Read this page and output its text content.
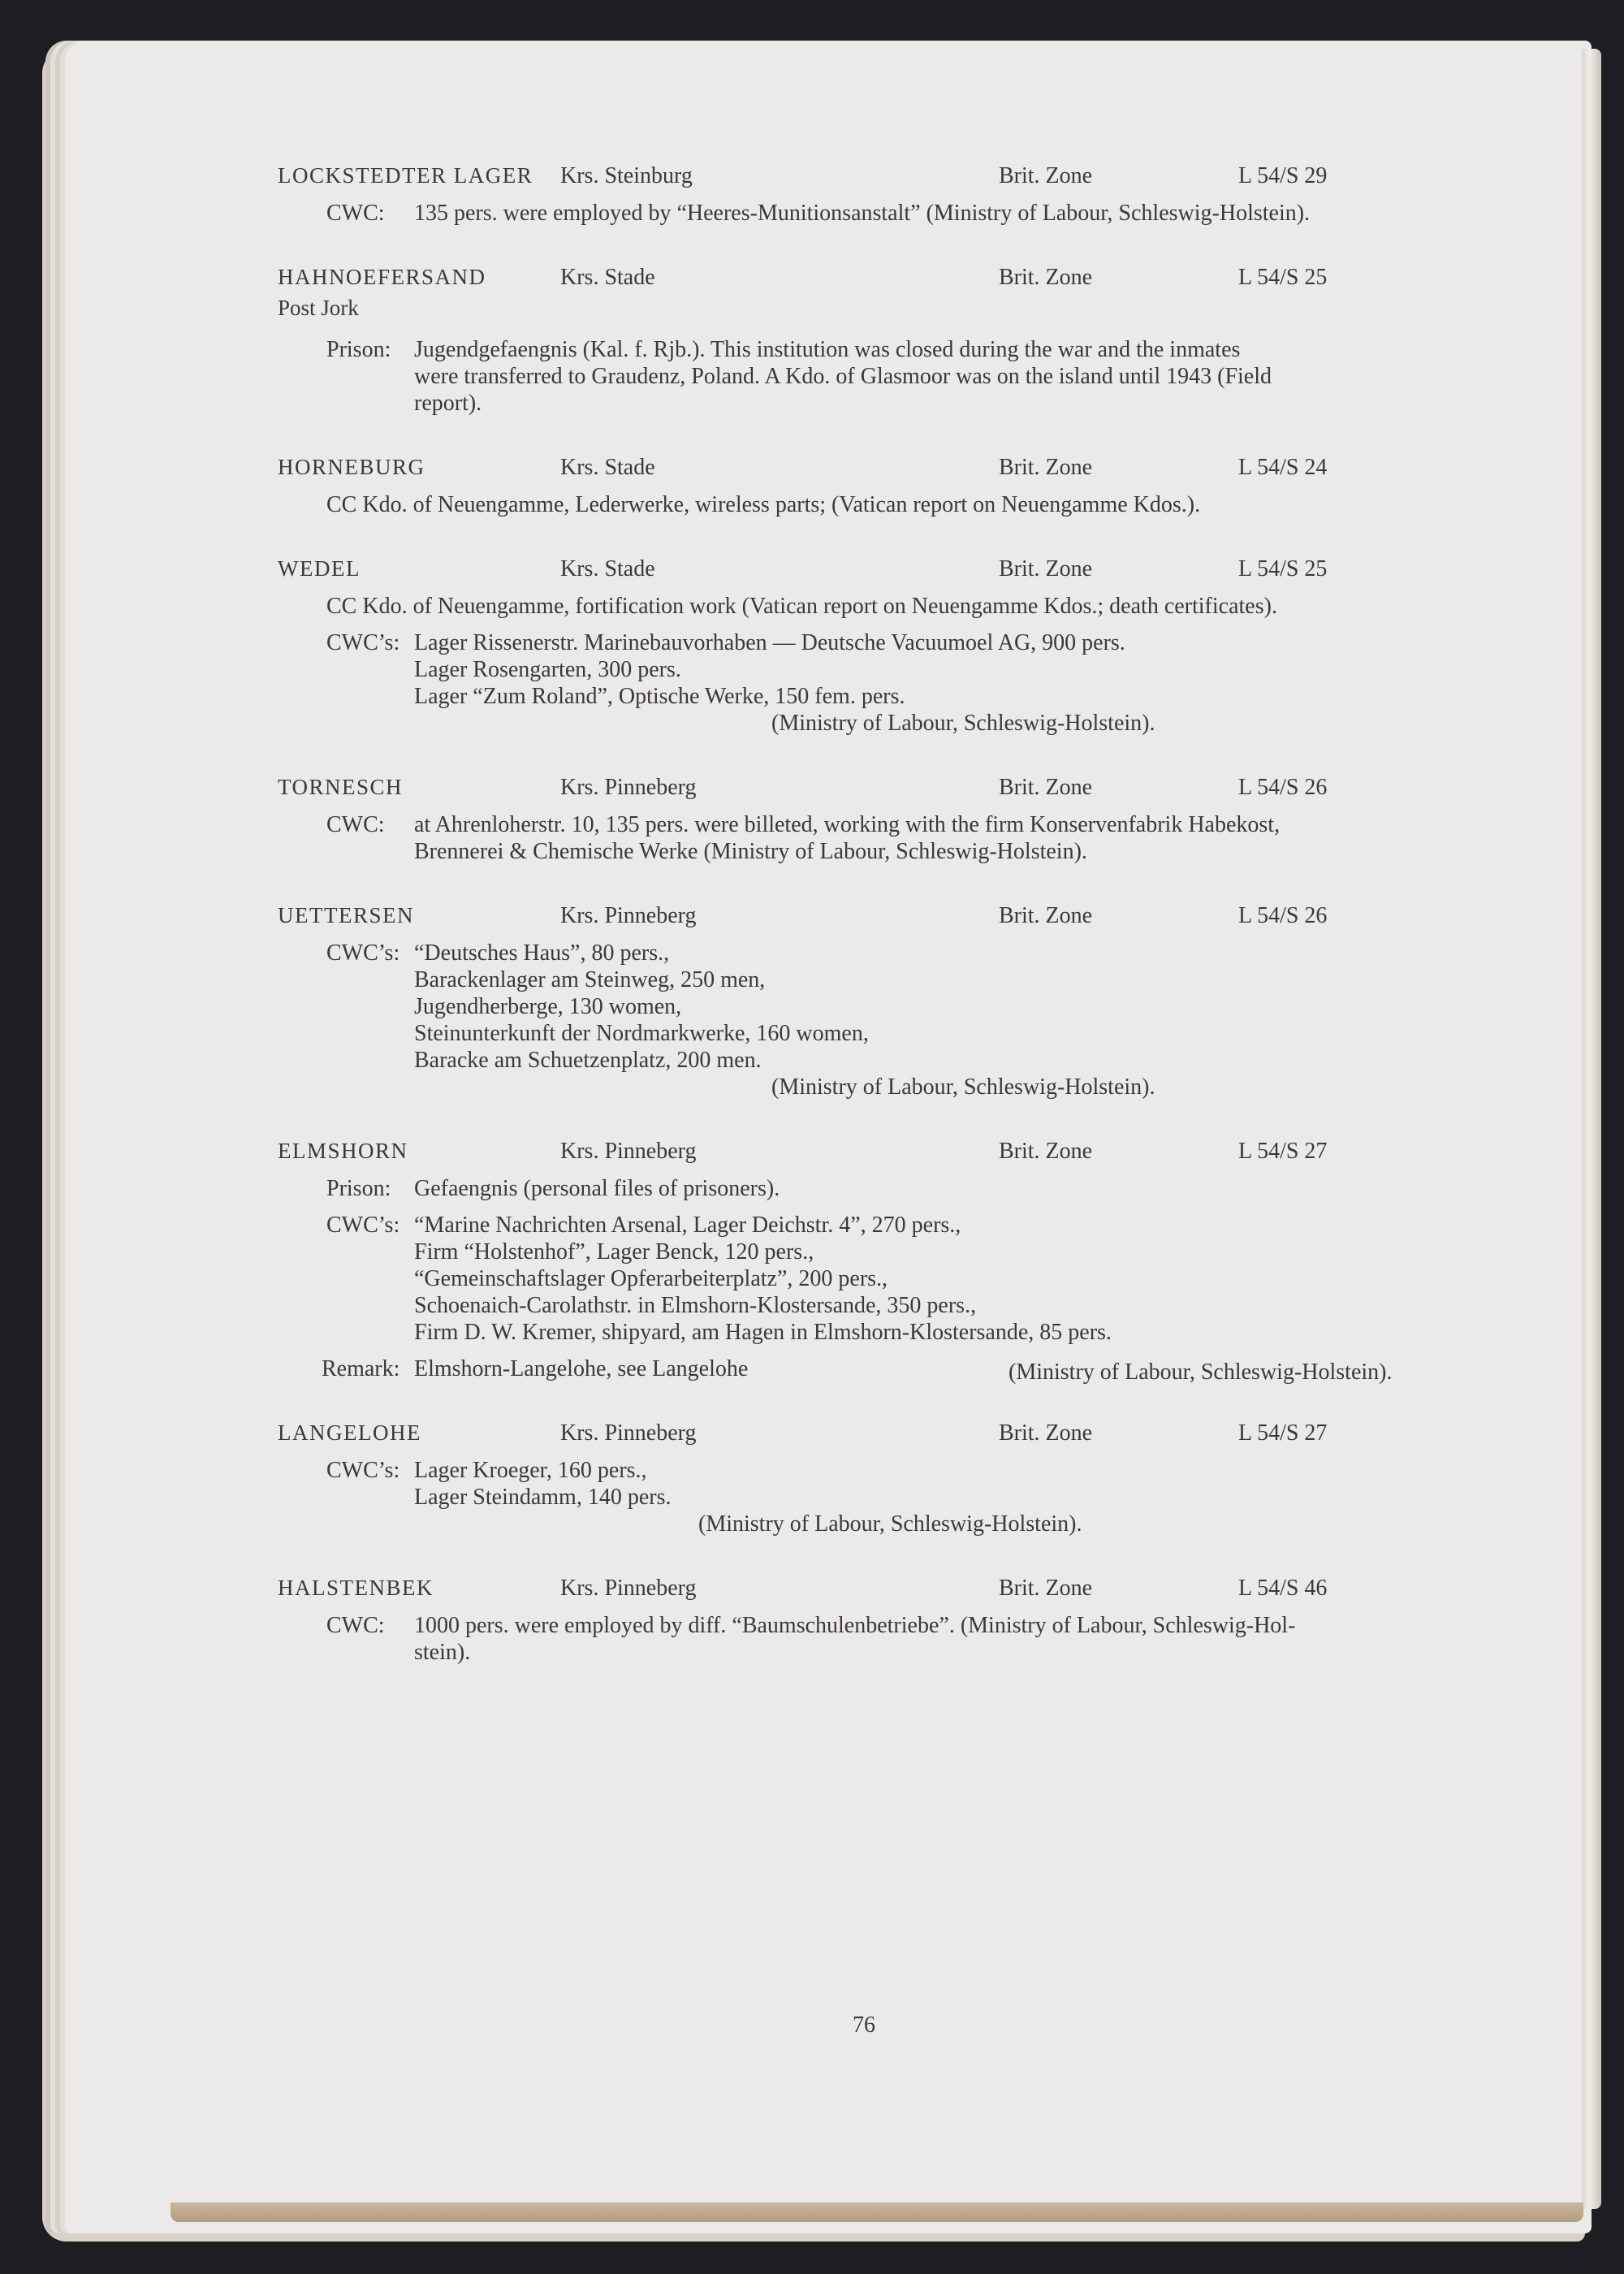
LOCKSTEDTER LAGER Krs. Steinburg	Brit. Zone	L 54/S 29
CWC: 135 pers. were employed by “Heeres-Munitionsanstalt” (Ministry of Labour, Schleswig-Holstein).
HAHNOEFERSAND	Krs. Stade	Brit. Zone	L 54/S 25
Post Jork
Prison: Jugendgefaengnis (Kal. f. Rjb.). This institution was closed during the war and the inmates
were transferred to Graudenz, Poland. A Kdo. of Glasmoor was on the island until 1943 (Field
report).
HORNEBURG	Krs. Stade	Brit. Zone	L 54/S 24
CC Kdo. of Neuengamme, Lederwerke, wireless parts; (Vatican report on Neuengamme Kdos.).
WEDEL	Krs. Stade	Brit. Zone	L 54/S 25
CC Kdo. of Neuengamme, fortification work (Vatican report on Neuengamme Kdos.; death certificates).
CWC’s: Lager Rissenerstr. Marinebauvorhaben — Deutsche Vacuumoel AG, 900 pers.
Lager Rosengarten, 300 pers.
Lager “Zum Roland”, Optische Werke, 150 fem. pers.
(Ministry of Labour, Schleswig-Holstein).
TORNESCH	Krs. Pinneberg	Brit. Zone	L 54/S 26
CWC: at Ahrenloherstr. 10, 135 pers. were billeted, working with the firm Konservenfabrik Habekost,
Brennerei & Chemische Werke (Ministry of Labour, Schleswig-Holstein).
UETTERSEN	Krs. Pinneberg	Brit. Zone	L 54/S 26
CWC’s: “Deutsches Haus”, 80 pers.,
Barackenlager am Steinweg, 250 men,
Jugendherberge, 130 women,
Steinunterkunft der Nordmarkwerke, 160 women,
Baracke am Schuetzenplatz, 200 men.
(Ministry of Labour, Schleswig-Holstein).
ELMSHORN	Krs. Pinneberg	Brit. Zone	L 54/S 27
Prison: Gefaengnis (personal files of prisoners).
CWC’s: “Marine Nachrichten Arsenal, Lager Deichstr. 4”, 270 pers.,
Firm “Holstenhof”, Lager Benck, 120 pers.,
“Gemeinschaftslager Opferarbeiterplatz”, 200 pers.,
Schoenaich-Carolathstr. in Elmshorn-Klostersande, 350 pers.,
Firm D. W. Kremer, shipyard, am Hagen in Elmshorn-Klostersande, 85 pers.
Remark: Elmshorn-Langelohe, see Langelohe	(Ministry of Labour, Schleswig-Holstein).
LANGELOHE	Krs. Pinneberg	Brit. Zone	L 54/S 27
CWC’s: Lager Kroeger, 160 pers.,
Lager Steindamm, 140 pers.
(Ministry of Labour, Schleswig-Holstein).
HALSTENBEK	Krs. Pinneberg	Brit. Zone	L 54/S 46
CWC: 1000 pers. were employed by diff. “Baumschulenbetriebe”. (Ministry of Labour, Schleswig-Hol-
stein).
76
